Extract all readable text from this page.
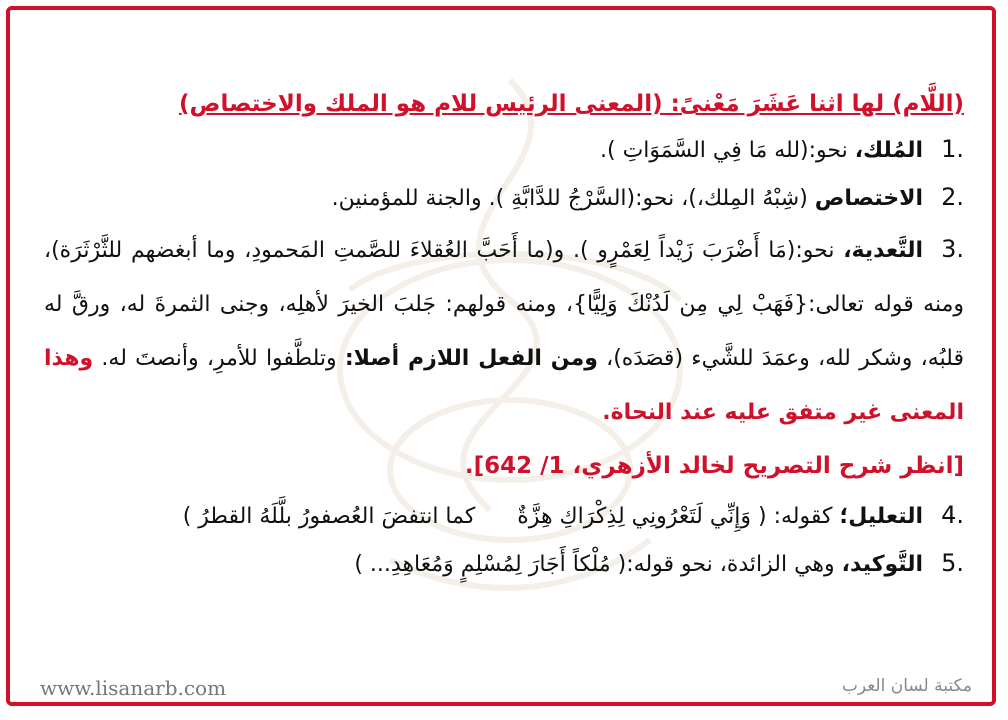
(اللَّام) لها اثنا عَشَرَ مَعْنىً: (المعنى الرئيس للام هو الملك والاختصاص)
.1
المُلك، نحو:(لله مَا فِي السَّمَوَاتِ ).
.2
الاختصاص (شِبْهُ المِلك،)، نحو:(السَّرْجُ للدَّابَّةِ ). والجنة للمؤمنين.
.3التَّعدية، نحو:(مَا أَضْرَبَ زَيْداً لِعَمْرٍو ). و(ما أَحَبَّ العُقلاءَ للصَّمتِ المَحمودِ، وما أبغضهم للثَّرْثَرَة)، ومنه قوله تعالى:{فَهَبْ لِي مِن لَدُنْكَ وَلِيًّا}، ومنه قولهم: جَلبَ الخيرَ لأهلِه، وجنى الثمرةَ له، ورقَّ له قلبُه، وشكر لله، وعمَدَ للشَّيء (قصَدَه)، ومن الفعل اللازم أصلا: وتلطَّفوا للأمرِ، وأنصتَ له. وهذا المعنى غير متفق عليه عند النحاة.
[انظر شرح التصريح لخالد الأزهري، 1/ 642].
.4
التعليل؛ كقوله: ( وَإِنِّي لَتَعْرُونِي لِذِكْرَاكِ هِزَّةٌ      كما انتفضَ العُصفورُ بلَّلَهُ القطرُ )
.5
التَّوكيد، وهي الزائدة، نحو قوله:( مُلْكاً أَجَارَ لِمُسْلِمٍ وَمُعَاهِدِ... )
www.lisanarb.com	مكتبة لسان العرب
